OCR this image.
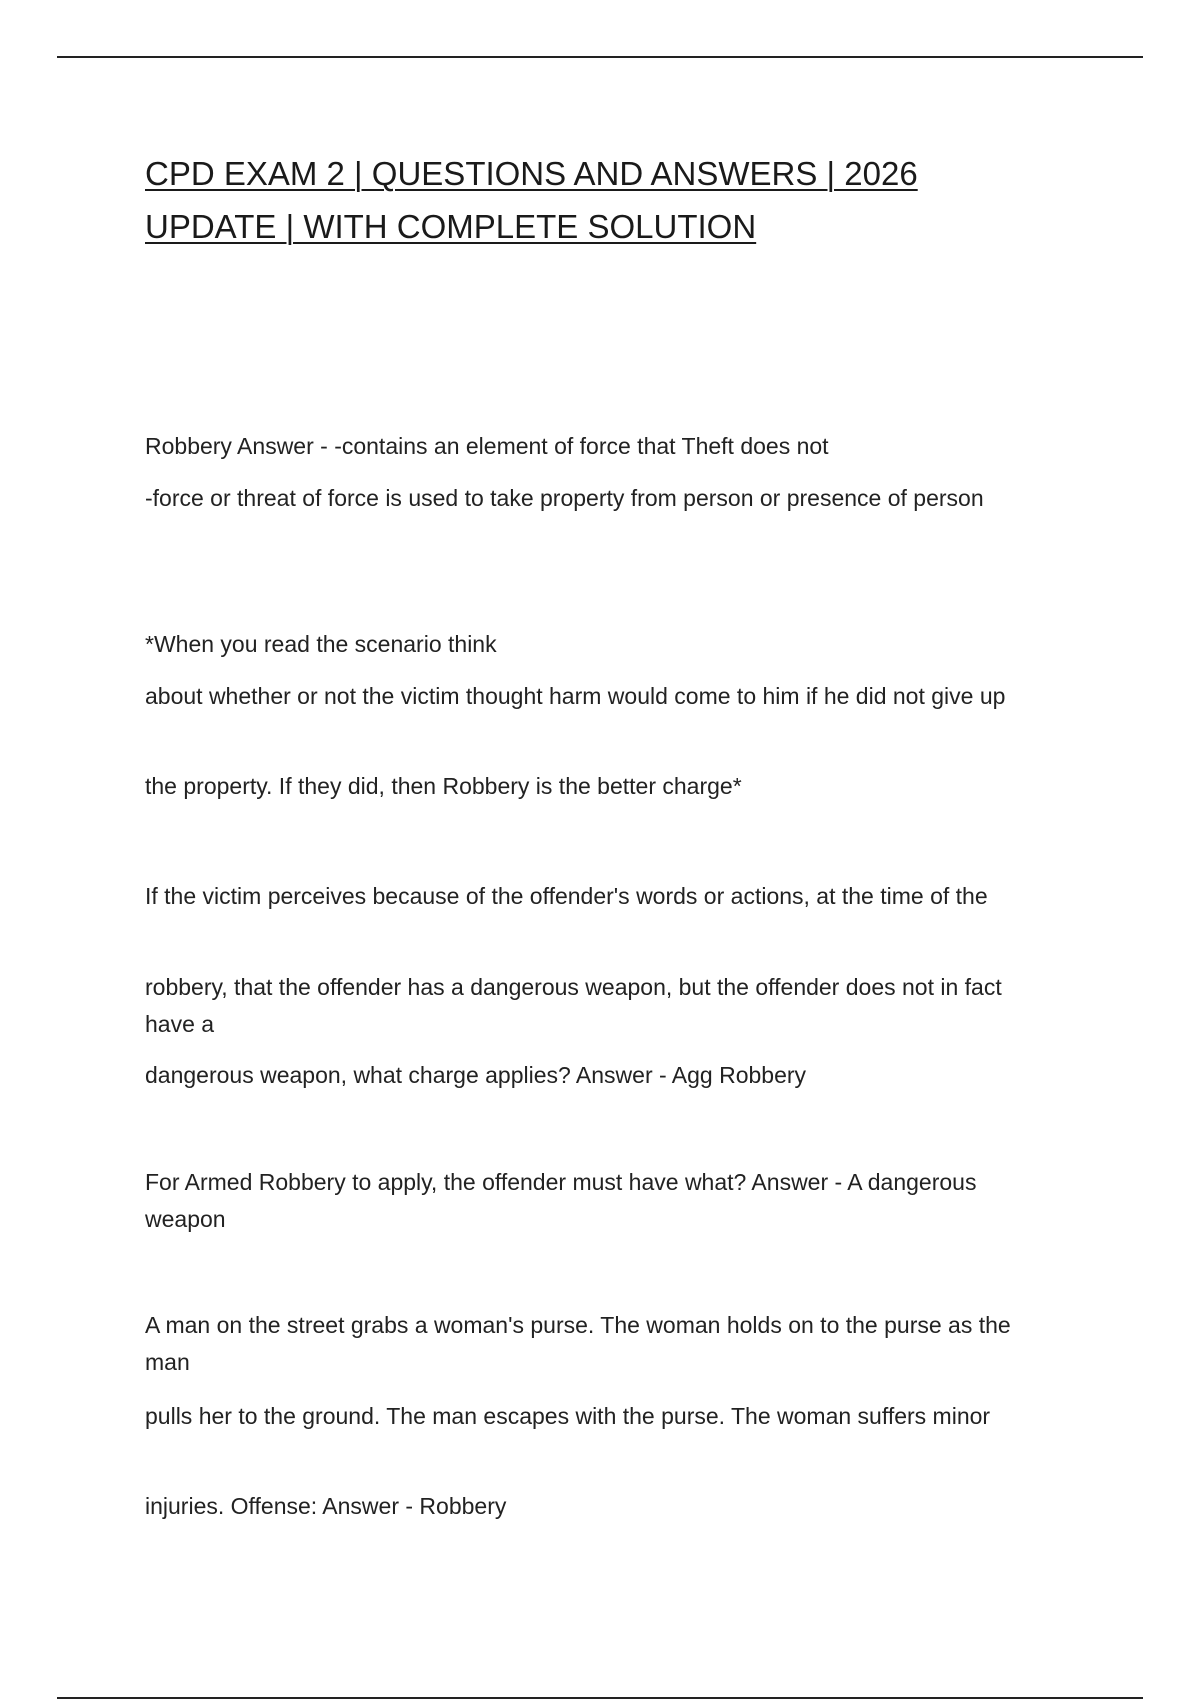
CPD EXAM 2 | QUESTIONS AND ANSWERS | 2026
UPDATE | WITH COMPLETE SOLUTION

Robbery Answer - -contains an element of force that Theft does not

-force or threat of force is used to take property from person or presence of person

*When you read the scenario think

about whether or not the victim thought harm would come to him if he did not give up

the property. If they did, then Robbery is the better charge*

If the victim perceives because of the offender's words or actions, at the time of the

robbery, that the offender has a dangerous weapon, but the offender does not in fact have a

dangerous weapon, what charge applies? Answer - Agg Robbery

For Armed Robbery to apply, the offender must have what? Answer - A dangerous weapon

A man on the street grabs a woman's purse. The woman holds on to the purse as the man

pulls her to the ground. The man escapes with the purse. The woman suffers minor

injuries. Offense: Answer - Robbery
